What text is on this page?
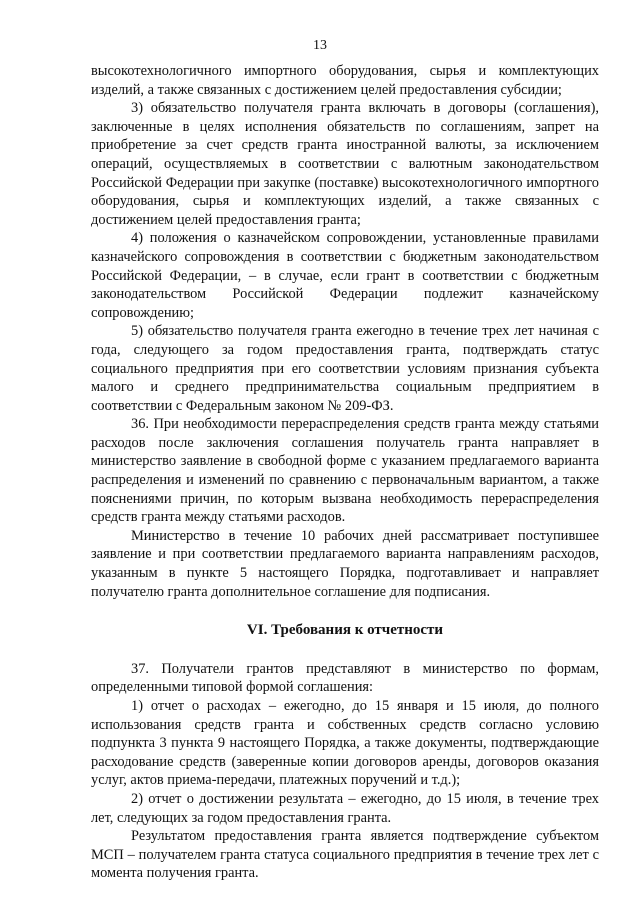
13

высокотехнологичного импортного оборудования, сырья и комплектующих изделий, а также связанных с достижением целей предоставления субсидии;

3) обязательство получателя гранта включать в договоры (соглашения), заключенные в целях исполнения обязательств по соглашениям, запрет на приобретение за счет средств гранта иностранной валюты, за исключением операций, осуществляемых в соответствии с валютным законодательством Российской Федерации при закупке (поставке) высокотехнологичного импортного оборудования, сырья и комплектующих изделий, а также связанных с достижением целей предоставления гранта;

4) положения о казначейском сопровождении, установленные правилами казначейского сопровождения в соответствии с бюджетным законодательством Российской Федерации, – в случае, если грант в соответствии с бюджетным законодательством Российской Федерации подлежит казначейскому сопровождению;

5) обязательство получателя гранта ежегодно в течение трех лет начиная с года, следующего за годом предоставления гранта, подтверждать статус социального предприятия при его соответствии условиям признания субъекта малого и среднего предпринимательства социальным предприятием в соответствии с Федеральным законом № 209-ФЗ.

36. При необходимости перераспределения средств гранта между статьями расходов после заключения соглашения получатель гранта направляет в министерство заявление в свободной форме с указанием предлагаемого варианта распределения и изменений по сравнению с первоначальным вариантом, а также пояснениями причин, по которым вызвана необходимость перераспределения средств гранта между статьями расходов.

Министерство в течение 10 рабочих дней рассматривает поступившее заявление и при соответствии предлагаемого варианта направлениям расходов, указанным в пункте 5 настоящего Порядка, подготавливает и направляет получателю гранта дополнительное соглашение для подписания.

VI. Требования к отчетности

37. Получатели грантов представляют в министерство по формам, определенными типовой формой соглашения:

1) отчет о расходах – ежегодно, до 15 января и 15 июля, до полного использования средств гранта и собственных средств согласно условию подпункта 3 пункта 9 настоящего Порядка, а также документы, подтверждающие расходование средств (заверенные копии договоров аренды, договоров оказания услуг, актов приема-передачи, платежных поручений и т.д.);

2) отчет о достижении результата – ежегодно, до 15 июля, в течение трех лет, следующих за годом предоставления гранта.

Результатом предоставления гранта является подтверждение субъектом МСП – получателем гранта статуса социального предприятия в течение трех лет с момента получения гранта.
